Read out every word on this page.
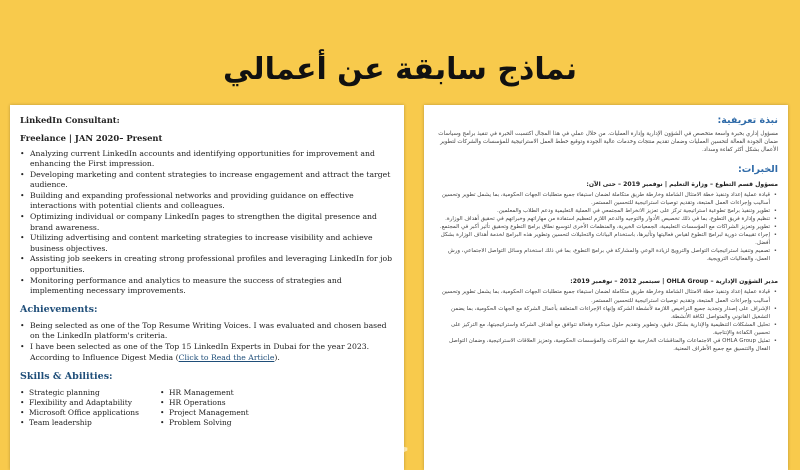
نماذج سابقة عن أعمالي
LinkedIn Consultant:
Freelance | JAN 2020– Present
• Analyzing current LinkedIn accounts and identifying opportunities for improvement and enhancing the First impression.
• Developing marketing and content strategies to increase engagement and attract the target audience.
• Building and expanding professional networks and providing guidance on effective interactions with potential clients and colleagues.
• Optimizing individual or company LinkedIn pages to strengthen the digital presence and brand awareness.
• Utilizing advertising and content marketing strategies to increase visibility and achieve business objectives.
• Assisting job seekers in creating strong professional profiles and leveraging LinkedIn for job opportunities.
• Monitoring performance and analytics to measure the success of strategies and implementing necessary improvements.
Achievements:
• Being selected as one of the Top Resume Writing Voices. I was evaluated and chosen based on the LinkedIn platform's criteria.
• I have been selected as one of the Top 15 LinkedIn Experts in Dubai for the year 2023. According to Influence Digest Media (Click to Read the Article).
Skills & Abilities:
• Strategic planning
• Flexibility and Adaptability
• Microsoft Office applications
• Team leadership
• HR Management
• HR Operations
• Project Management
• Problem Solving
نبذة تعريفية:
مسؤول إداري بخبرة واسعة متخصص في الشؤون الإدارية وإدارة العمليات. من خلال عملي في هذا المجال اكتسبت الخبرة في تنفيذ برامج وسياسات ضمان الجودة الفعالة لتحسين العمليات وضمان تقديم منتجات وخدمات عالية الجودة وتوقيع خطط العمل الاستراتيجية للمؤسسات والشركات لتطوير الأعمال بشكل أكثر كفاءة وسداد.
الخبرات:
مسؤول قسم التطوع – وزارة التعليم | نوفمبر 2019 – حتى الآن:
• قيادة عملية إعداد وتنفيذ خطة الامتثال الشاملة وخارطة طريق متكاملة لضمان استيفاء جميع متطلبات الجهات الحكومية، بما يشمل تطوير وتحسين أساليب وإجراءات العمل المتبعة، وتقديم توصيات استراتيجية للتحسين المستمر.
• تطوير وتنفيذ برامج تطوعية استراتيجية تركز على تعزيز الانخراط المجتمعي في العملية التعليمية ودعم الطلاب والمعلمين.
• تنظيم وإدارة فريق التطوع، بما في ذلك تخصيص الأدوار والتوجيه والدعم اللازم لتعظيم استفادة من مهاراتهم وخبراتهم في تحقيق أهداف الوزارة.
• تطوير وتعزيز الشراكات مع المؤسسات التعليمية، الجمعيات الخيرية، والمنظمات الأخرى لتوسيع نطاق برامج التطوع وتحقيق تأثير أكبر في المجتمع.
• إجراء تقييمات دورية لبرامج التطوع لقياس فعاليتها وتأثيرها، باستخدام البيانات والتحليلات لتحسين وتطوير هذه البرامج لخدمة أهداف الوزارة بشكل أفضل.
• تصميم وتنفيذ استراتيجيات التواصل والترويج لزيادة الوعي والمشاركة في برامج التطوع، بما في ذلك استخدام وسائل التواصل الاجتماعي، ورش العمل، والفعاليات الترويجية.
مدير الشؤون الإدارية – OHLA Group | سبتمبر 2012 – نوفمبر 2019:
• قيادة عملية إعداد وتنفيذ خطة الامتثال الشاملة وخارطة طريق متكاملة لضمان استيفاء جميع متطلبات الجهات الحكومية، بما يشمل تطوير وتحسين أساليب وإجراءات العمل المتبعة، وتقديم توصيات استراتيجية للتحسين المستمر.
• الإشراف على إصدار وتجديد جميع التراخيص اللازمة لأنشطة الشركة وإنهاء الإجراءات المتعلقة بأعمال الشركة مع الجهات الحكومية، بما يضمن التشغيل القانوني والمتواصل لكافة الأنشطة.
• تحليل المشكلات التنظيمية والإدارية بشكل دقيق، وتطوير وتقديم حلول مبتكرة وفعالة تتوافق مع أهداف الشركة واستراتيجيتها، مع التركيز على تحسين الكفاءة والإنتاجية.
• تمثيل OHLA Group في الاجتماعات والمناقشات الخارجية مع الشركات والمؤسسات الحكومية، وتعزيز العلاقات الاستراتيجية، وضمان التواصل الفعال والتنسيق مع جميع الأطراف المعنية.
خمسات
